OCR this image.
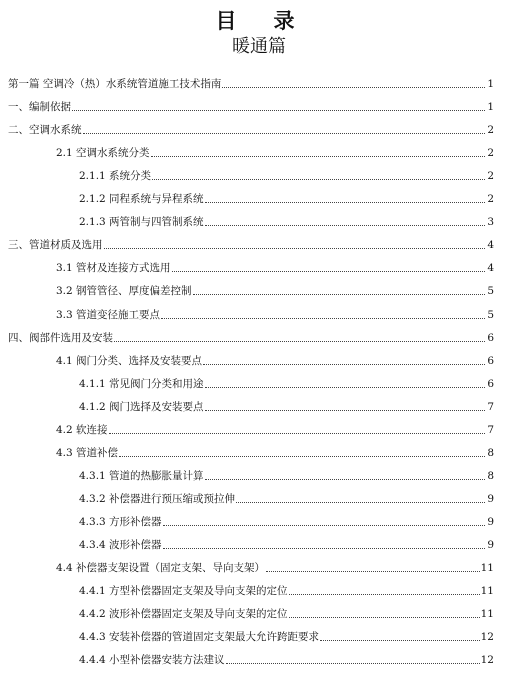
目　录
暖通篇
第一篇 空调冷（热）水系统管道施工技术指南	1
一、编制依据	1
二、空调水系统	2
2.1 空调水系统分类	2
2.1.1 系统分类	2
2.1.2 同程系统与异程系统	2
2.1.3 两管制与四管制系统	3
三、管道材质及选用	4
3.1 管材及连接方式选用	4
3.2 钢管管径、厚度偏差控制	5
3.3 管道变径施工要点	5
四、阀部件选用及安装	6
4.1 阀门分类、选择及安装要点	6
4.1.1 常见阀门分类和用途	6
4.1.2 阀门选择及安装要点	7
4.2 软连接	7
4.3 管道补偿	8
4.3.1 管道的热膨胀量计算	8
4.3.2 补偿器进行预压缩或预拉伸	9
4.3.3 方形补偿器	9
4.3.4 波形补偿器	9
4.4 补偿器支架设置（固定支架、导向支架）	11
4.4.1 方型补偿器固定支架及导向支架的定位	11
4.4.2 波形补偿器固定支架及导向支架的定位	11
4.4.3 安装补偿器的管道固定支架最大允许跨距要求	12
4.4.4 小型补偿器安装方法建议	12
